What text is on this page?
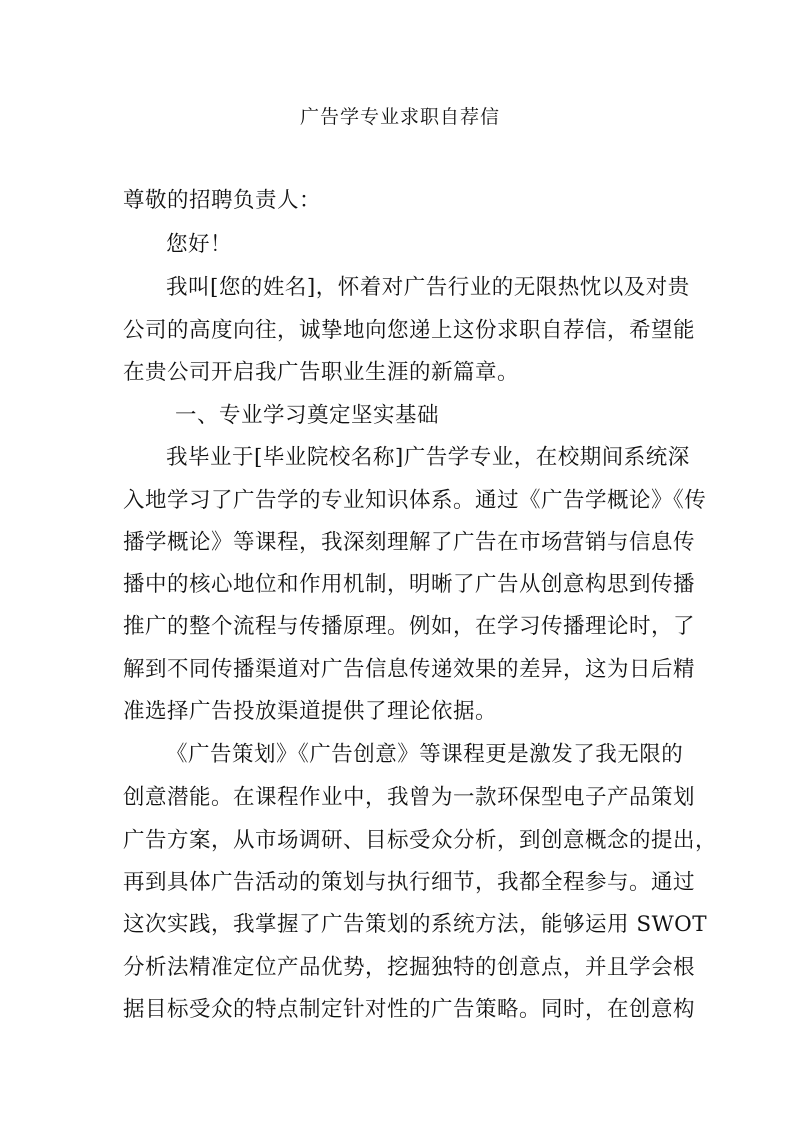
广告学专业求职自荐信
尊敬的招聘负责人：
您好！
我叫[您的姓名]，怀着对广告行业的无限热忱以及对贵
公司的高度向往，诚挚地向您递上这份求职自荐信，希望能
在贵公司开启我广告职业生涯的新篇章。
一、专业学习奠定坚实基础
我毕业于[毕业院校名称]广告学专业，在校期间系统深
入地学习了广告学的专业知识体系。通过《广告学概论》《传
播学概论》等课程，我深刻理解了广告在市场营销与信息传
播中的核心地位和作用机制，明晰了广告从创意构思到传播
推广的整个流程与传播原理。例如，在学习传播理论时，了
解到不同传播渠道对广告信息传递效果的差异，这为日后精
准选择广告投放渠道提供了理论依据。
《广告策划》《广告创意》等课程更是激发了我无限的
创意潜能。在课程作业中，我曾为一款环保型电子产品策划
广告方案，从市场调研、目标受众分析，到创意概念的提出，
再到具体广告活动的策划与执行细节，我都全程参与。通过
这次实践，我掌握了广告策划的系统方法，能够运用 SWOT
分析法精准定位产品优势，挖掘独特的创意点，并且学会根
据目标受众的特点制定针对性的广告策略。同时，在创意构
